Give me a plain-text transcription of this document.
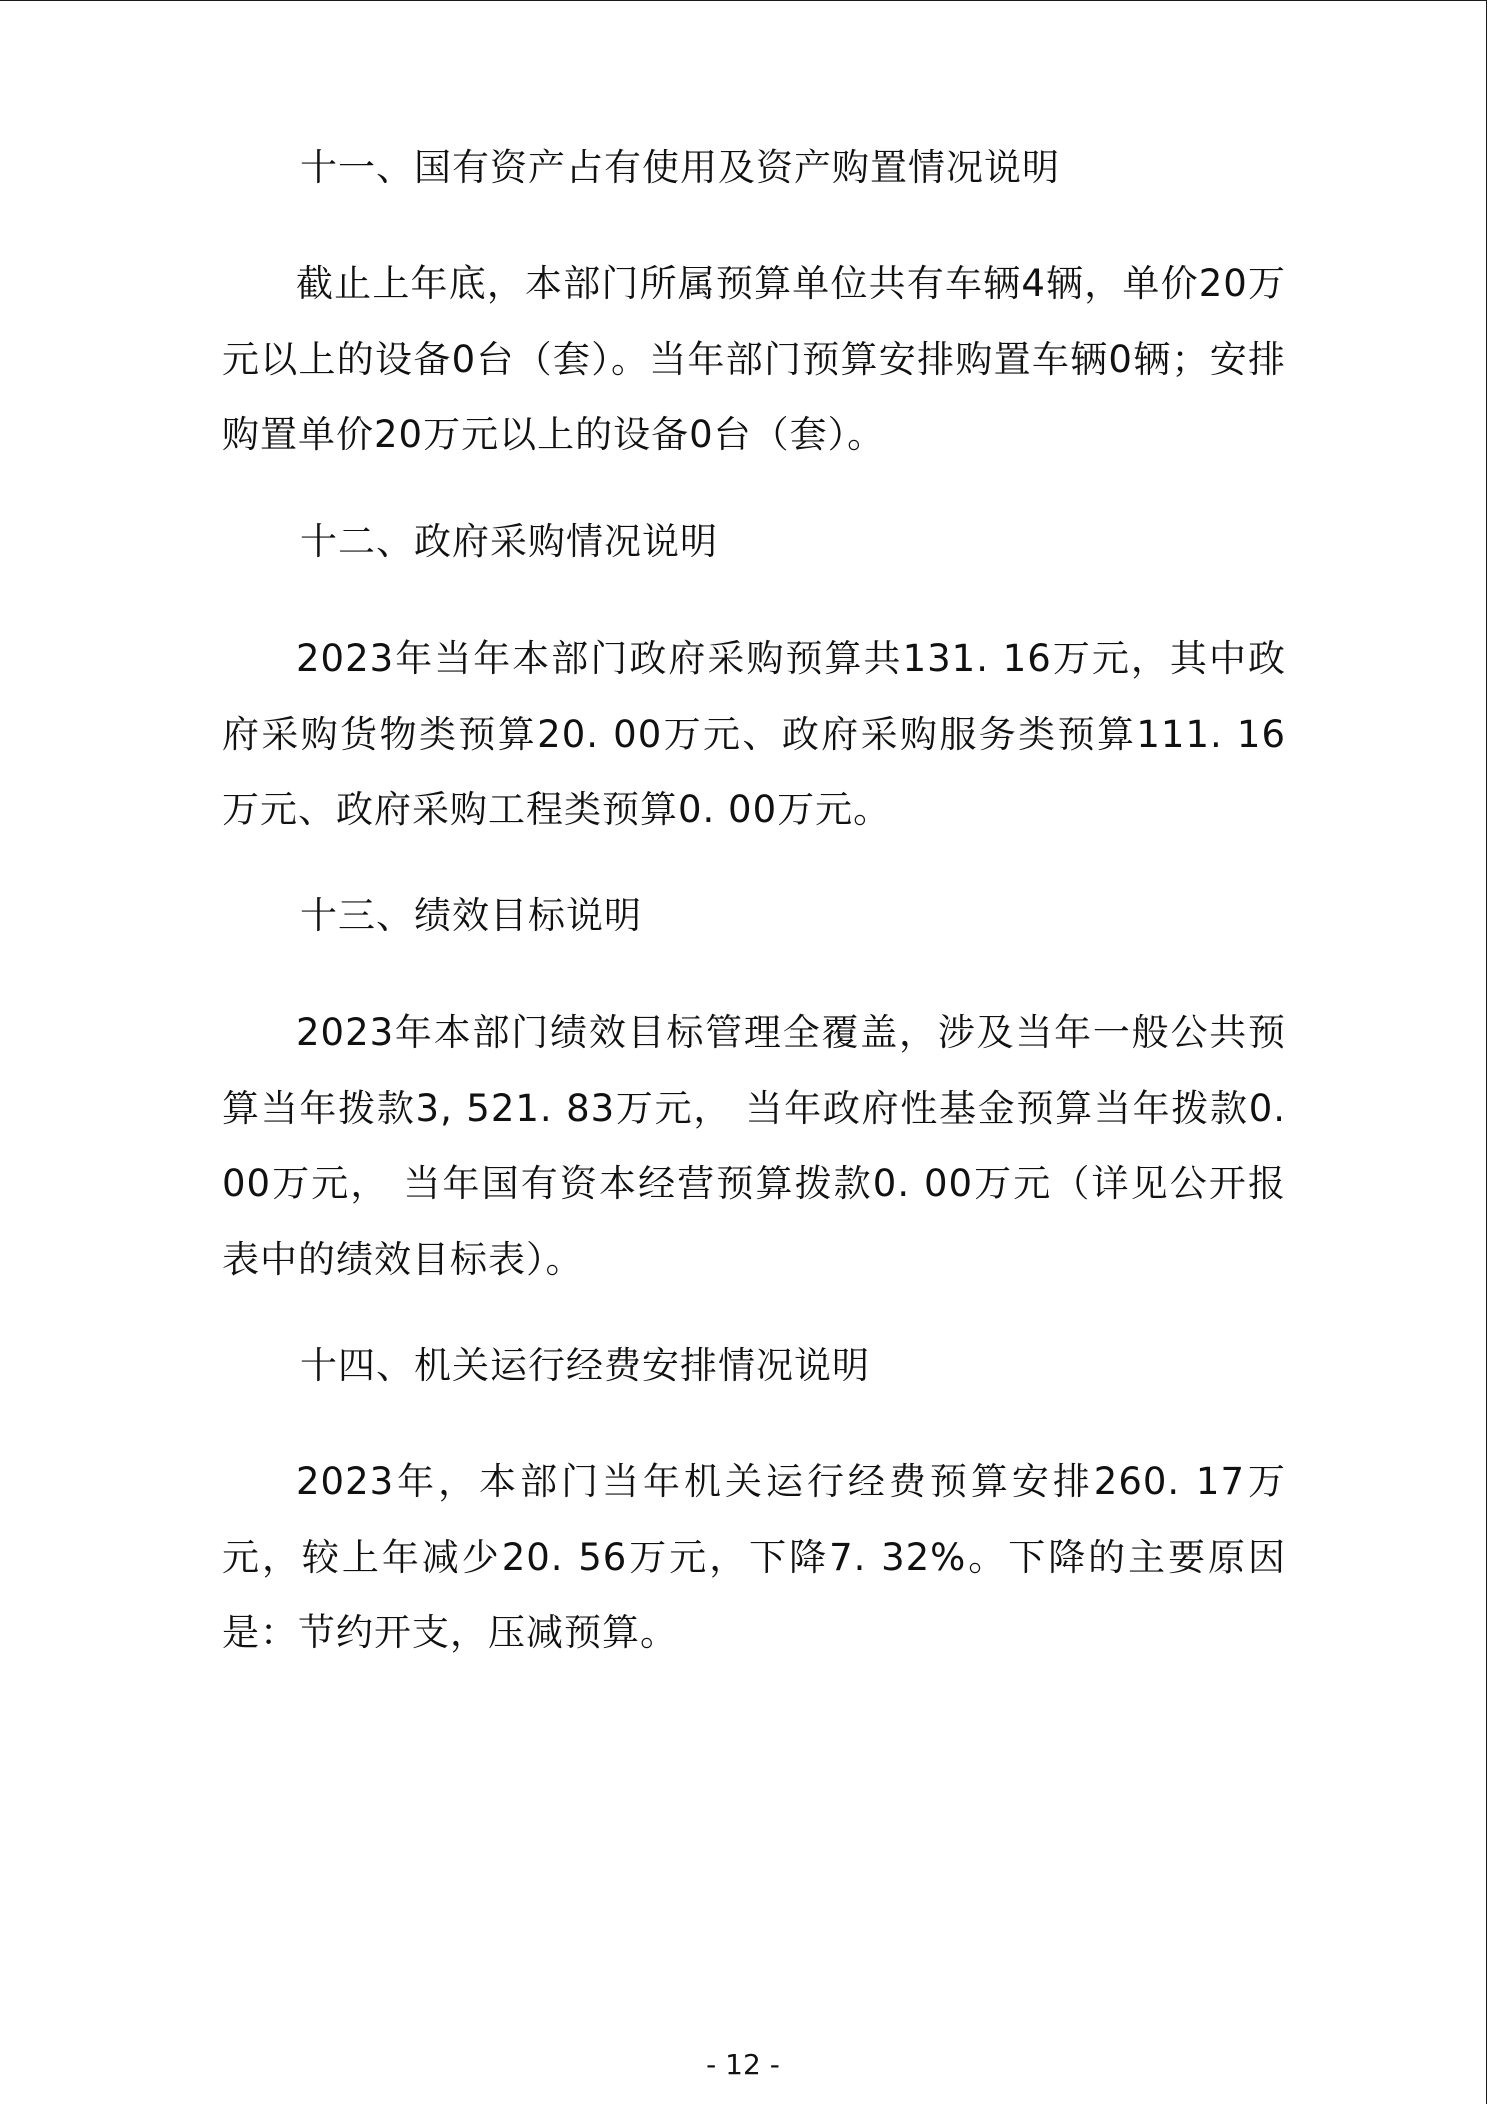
十一、国有资产占有使用及资产购置情况说明
截止上年底，本部门所属预算单位共有车辆4辆，单价20万元以上的设备0台（套）。当年部门预算安排购置车辆0辆；安排购置单价20万元以上的设备0台（套）。
十二、政府采购情况说明
2023年当年本部门政府采购预算共131. 16万元，其中政府采购货物类预算20. 00万元、政府采购服务类预算111. 16万元、政府采购工程类预算0. 00万元。
十三、绩效目标说明
2023年本部门绩效目标管理全覆盖，涉及当年一般公共预算当年拨款3, 521. 83万元， 当年政府性基金预算当年拨款0. 00万元， 当年国有资本经营预算拨款0. 00万元（详见公开报表中的绩效目标表）。
十四、机关运行经费安排情况说明
2023年，本部门当年机关运行经费预算安排260. 17万元，较上年减少20. 56万元，下降7. 32%。下降的主要原因是：节约开支，压减预算。
- 12 -
